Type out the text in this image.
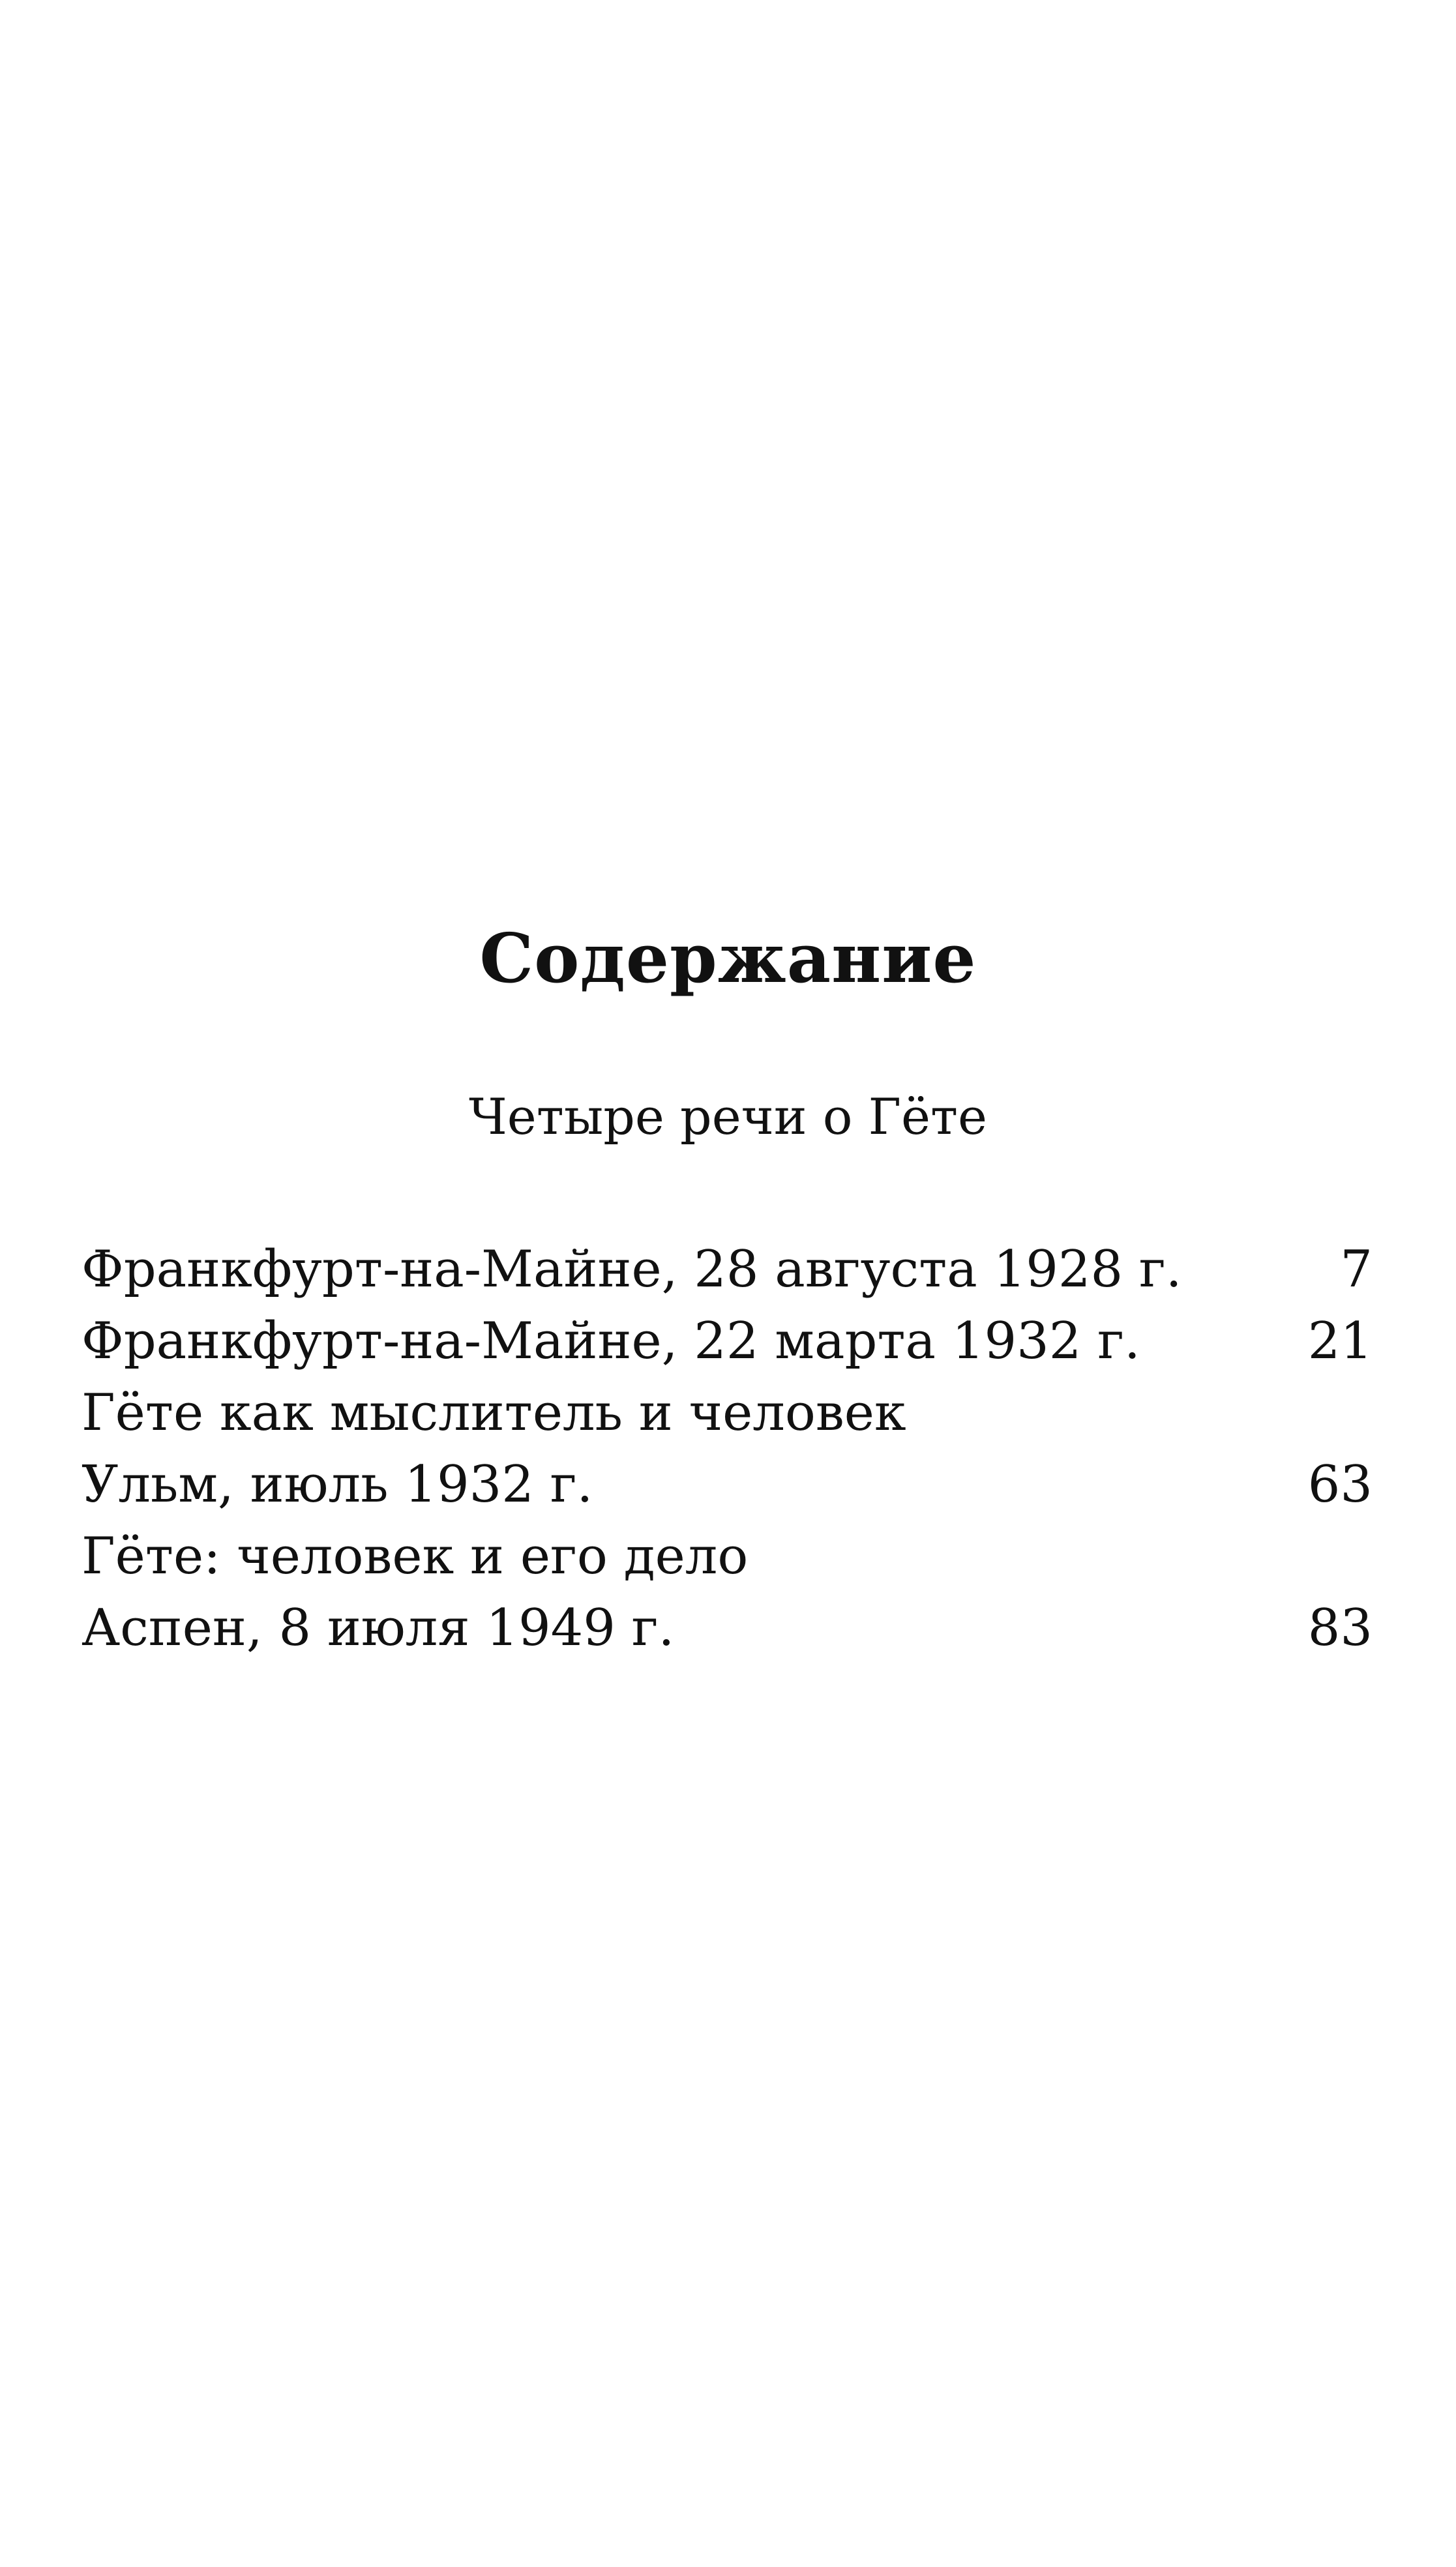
Содержание
Четыре речи о Гёте
Франкфурт-на-Майне, 28 августа 1928 г.	7
Франкфурт-на-Майне, 22 марта 1932 г.	21
Гёте как мыслитель и человек
Ульм, июль 1932 г.	63
Гёте: человек и его дело
Аспен, 8 июля 1949 г.	83
